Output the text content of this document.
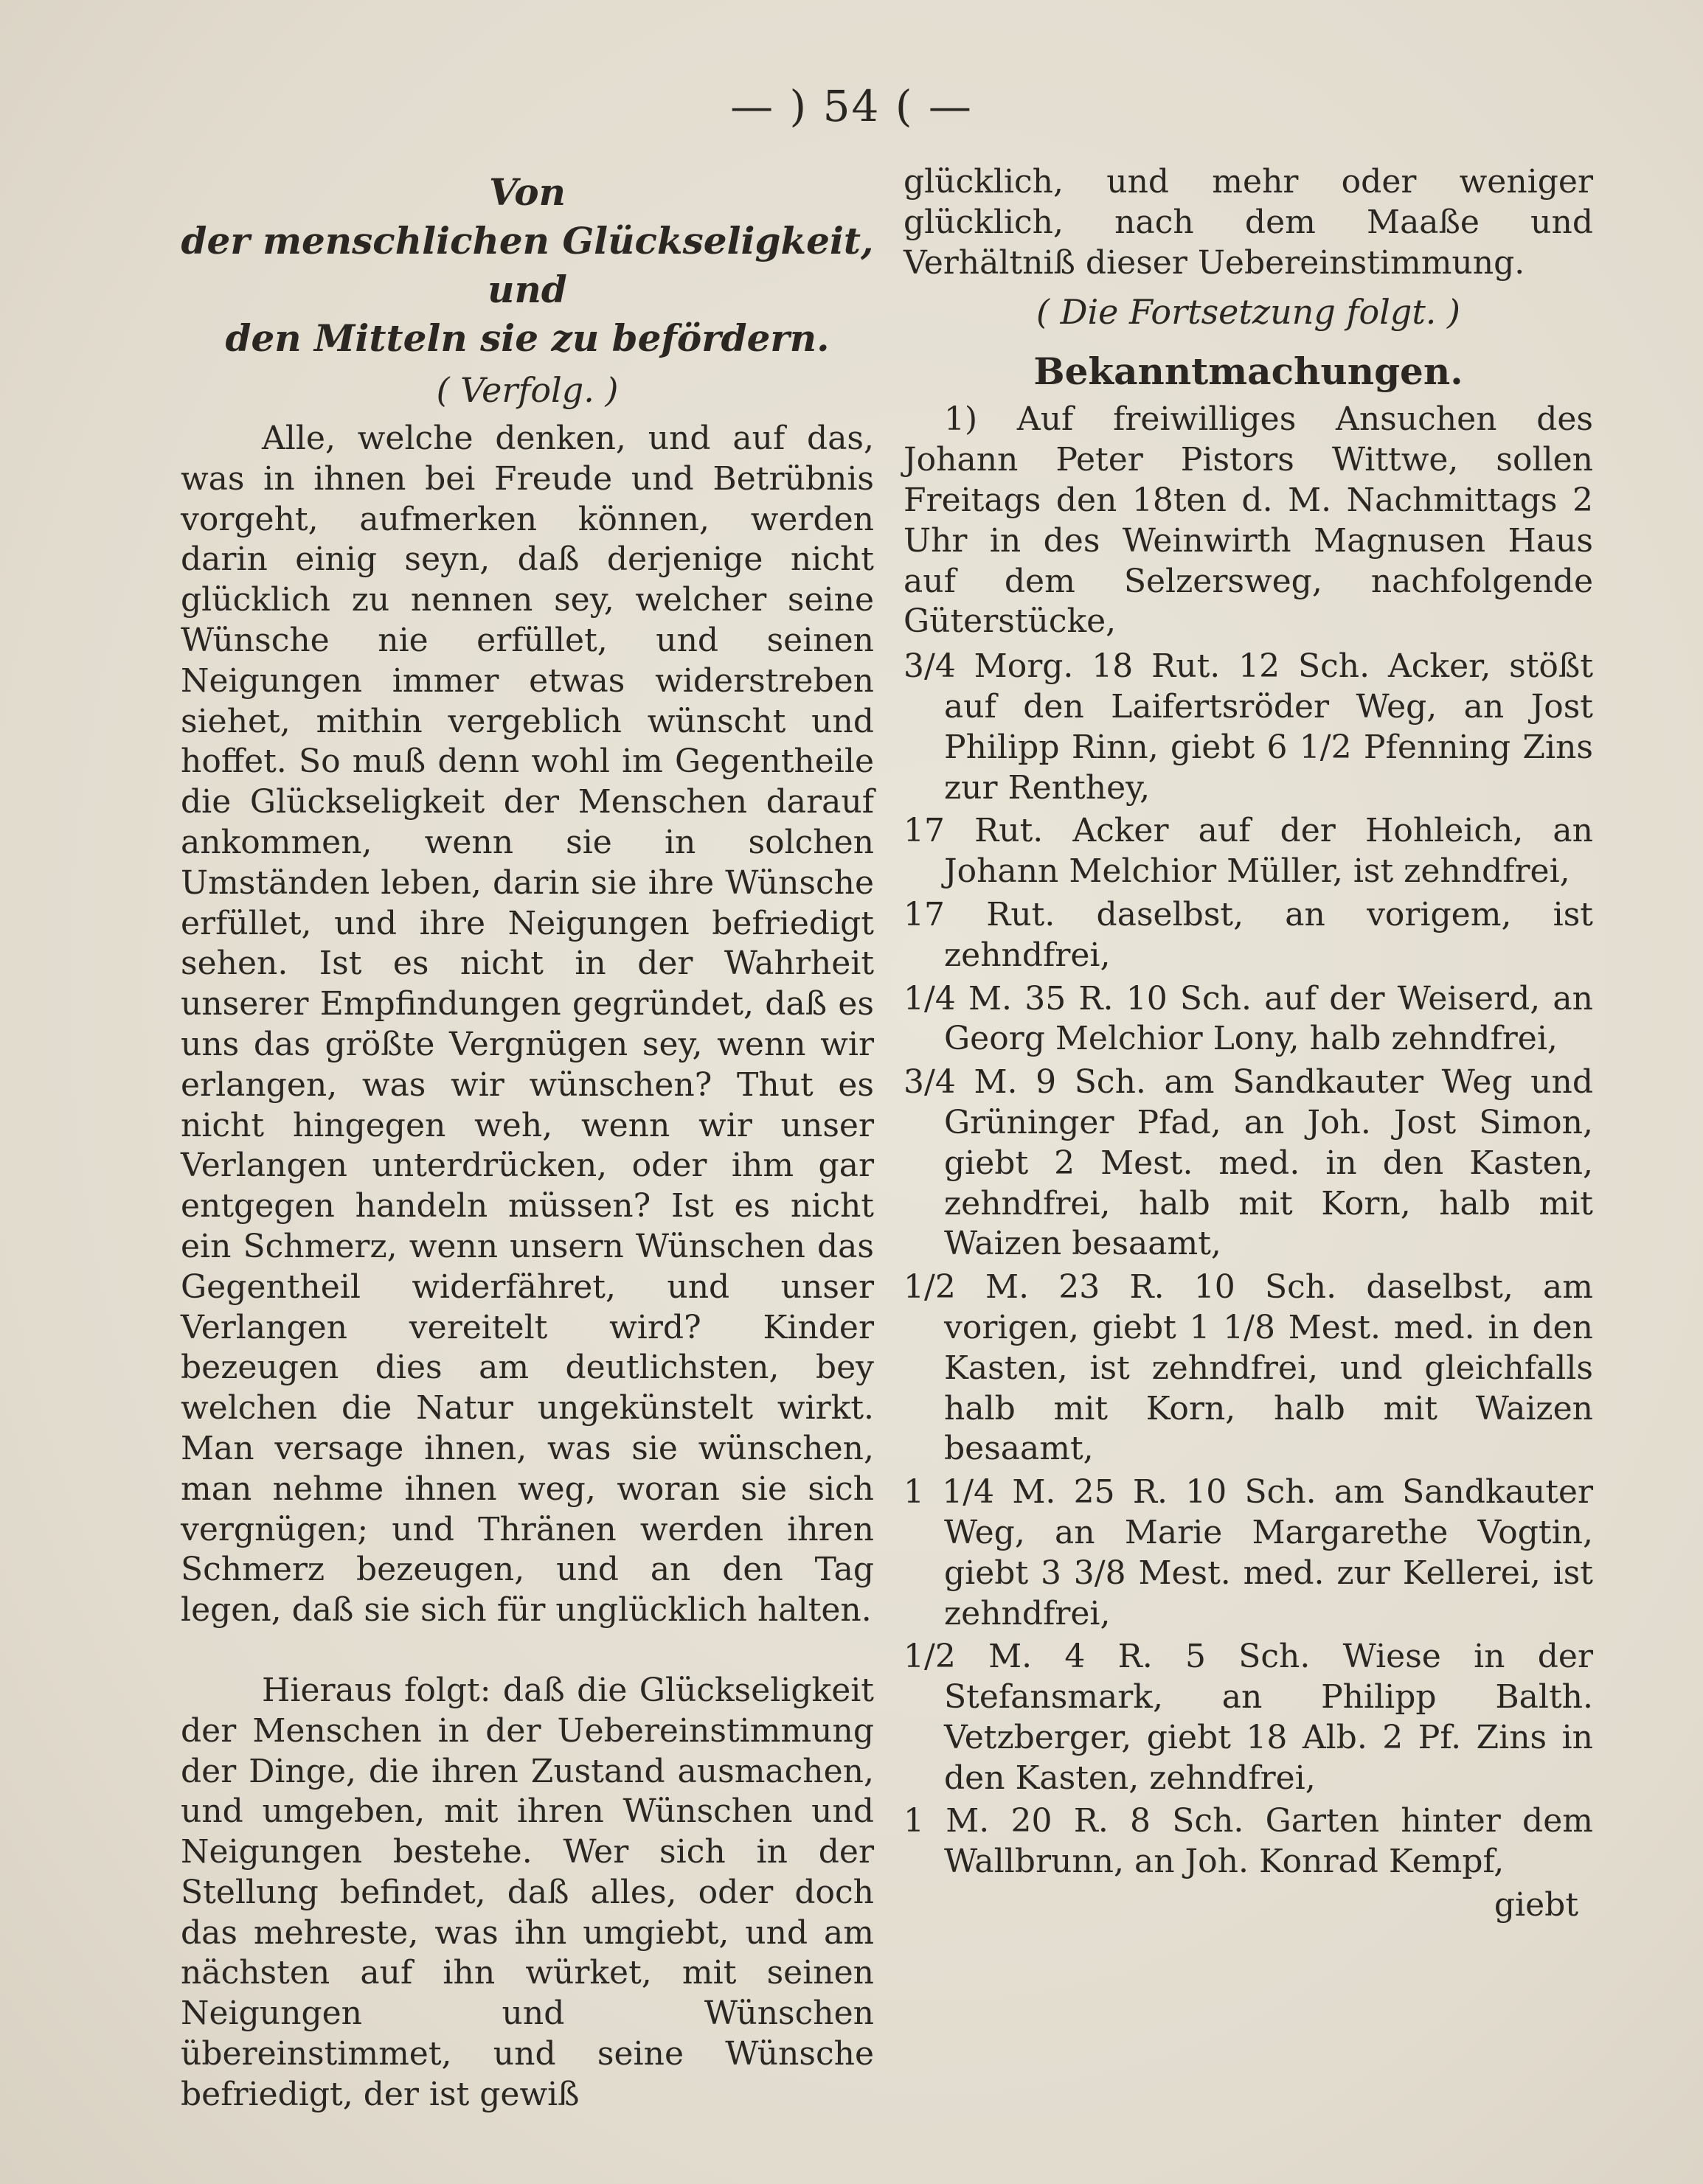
— ) 54 ( —
Von
der menschlichen Glückseligkeit, und
den Mitteln sie zu befördern.

( Verfolg. )

Alle, welche denken, und auf das, was in ihnen bei Freude und Betrübnis vorgeht, aufmerken können, werden darin einig seyn, daß derjenige nicht glücklich zu nennen sey, welcher seine Wünsche nie erfüllet, und seinen Neigungen immer etwas widerstreben siehet, mithin vergeblich wünscht und hoffet. So muß denn wohl im Gegentheile die Glückseligkeit der Menschen darauf ankommen, wenn sie in solchen Umständen leben, darin sie ihre Wünsche erfüllet, und ihre Neigungen befriedigt sehen. Ist es nicht in der Wahrheit unserer Empfindungen gegründet, daß es uns das größte Vergnügen sey, wenn wir erlangen, was wir wünschen? Thut es nicht hingegen weh, wenn wir unser Verlangen unterdrücken, oder ihm gar entgegen handeln müssen? Ist es nicht ein Schmerz, wenn unsern Wünschen das Gegentheil widerfähret, und unser Verlangen vereitelt wird? Kinder bezeugen dies am deutlichsten, bey welchen die Natur ungekünstelt wirkt. Man versage ihnen, was sie wünschen, man nehme ihnen weg, woran sie sich vergnügen; und Thränen werden ihren Schmerz bezeugen, und an den Tag legen, daß sie sich für unglücklich halten.

Hieraus folgt: daß die Glückseligkeit der Menschen in der Uebereinstimmung der Dinge, die ihren Zustand ausmachen, und umgeben, mit ihren Wünschen und Neigungen bestehe. Wer sich in der Stellung befindet, daß alles, oder doch das mehreste, was ihn umgiebt, und am nächsten auf ihn würket, mit seinen Neigungen und Wünschen übereinstimmet, und seine Wünsche befriedigt, der ist gewiß

glücklich, und mehr oder weniger glücklich, nach dem Maaße und Verhältniß dieser Uebereinstimmung.

( Die Fortsetzung folgt. )

Bekanntmachungen.

1) Auf freiwilliges Ansuchen des Johann Peter Pistors Wittwe, sollen Freitags den 18ten d. M. Nachmittags 2 Uhr in des Weinwirth Magnusen Haus auf dem Selzersweg, nachfolgende Güterstücke,

3/4 Morg. 18 Rut. 12 Sch. Acker, stößt auf den Laifertsröder Weg, an Jost Philipp Rinn, giebt 6 1/2 Pfenning Zins zur Renthey,
17 Rut. Acker auf der Hohleich, an Johann Melchior Müller, ist zehndfrei,
17 Rut. daselbst, an vorigem, ist zehndfrei,
1/4 M. 35 R. 10 Sch. auf der Weiserd, an Georg Melchior Lony, halb zehndfrei,
3/4 M. 9 Sch. am Sandkauter Weg und Grüninger Pfad, an Joh. Jost Simon, giebt 2 Mest. med. in den Kasten, zehndfrei, halb mit Korn, halb mit Waizen besaamt,
1/2 M. 23 R. 10 Sch. daselbst, am vorigen, giebt 1 1/8 Mest. med. in den Kasten, ist zehndfrei, und gleichfalls halb mit Korn, halb mit Waizen besaamt,
1 1/4 M. 25 R. 10 Sch. am Sandkauter Weg, an Marie Margarethe Vogtin, giebt 3 3/8 Mest. med. zur Kellerei, ist zehndfrei,
1/2 M. 4 R. 5 Sch. Wiese in der Stefansmark, an Philipp Balth. Vetzberger, giebt 18 Alb. 2 Pf. Zins in den Kasten, zehndfrei,
1 M. 20 R. 8 Sch. Garten hinter dem Wallbrunn, an Joh. Konrad Kempf,
giebt
